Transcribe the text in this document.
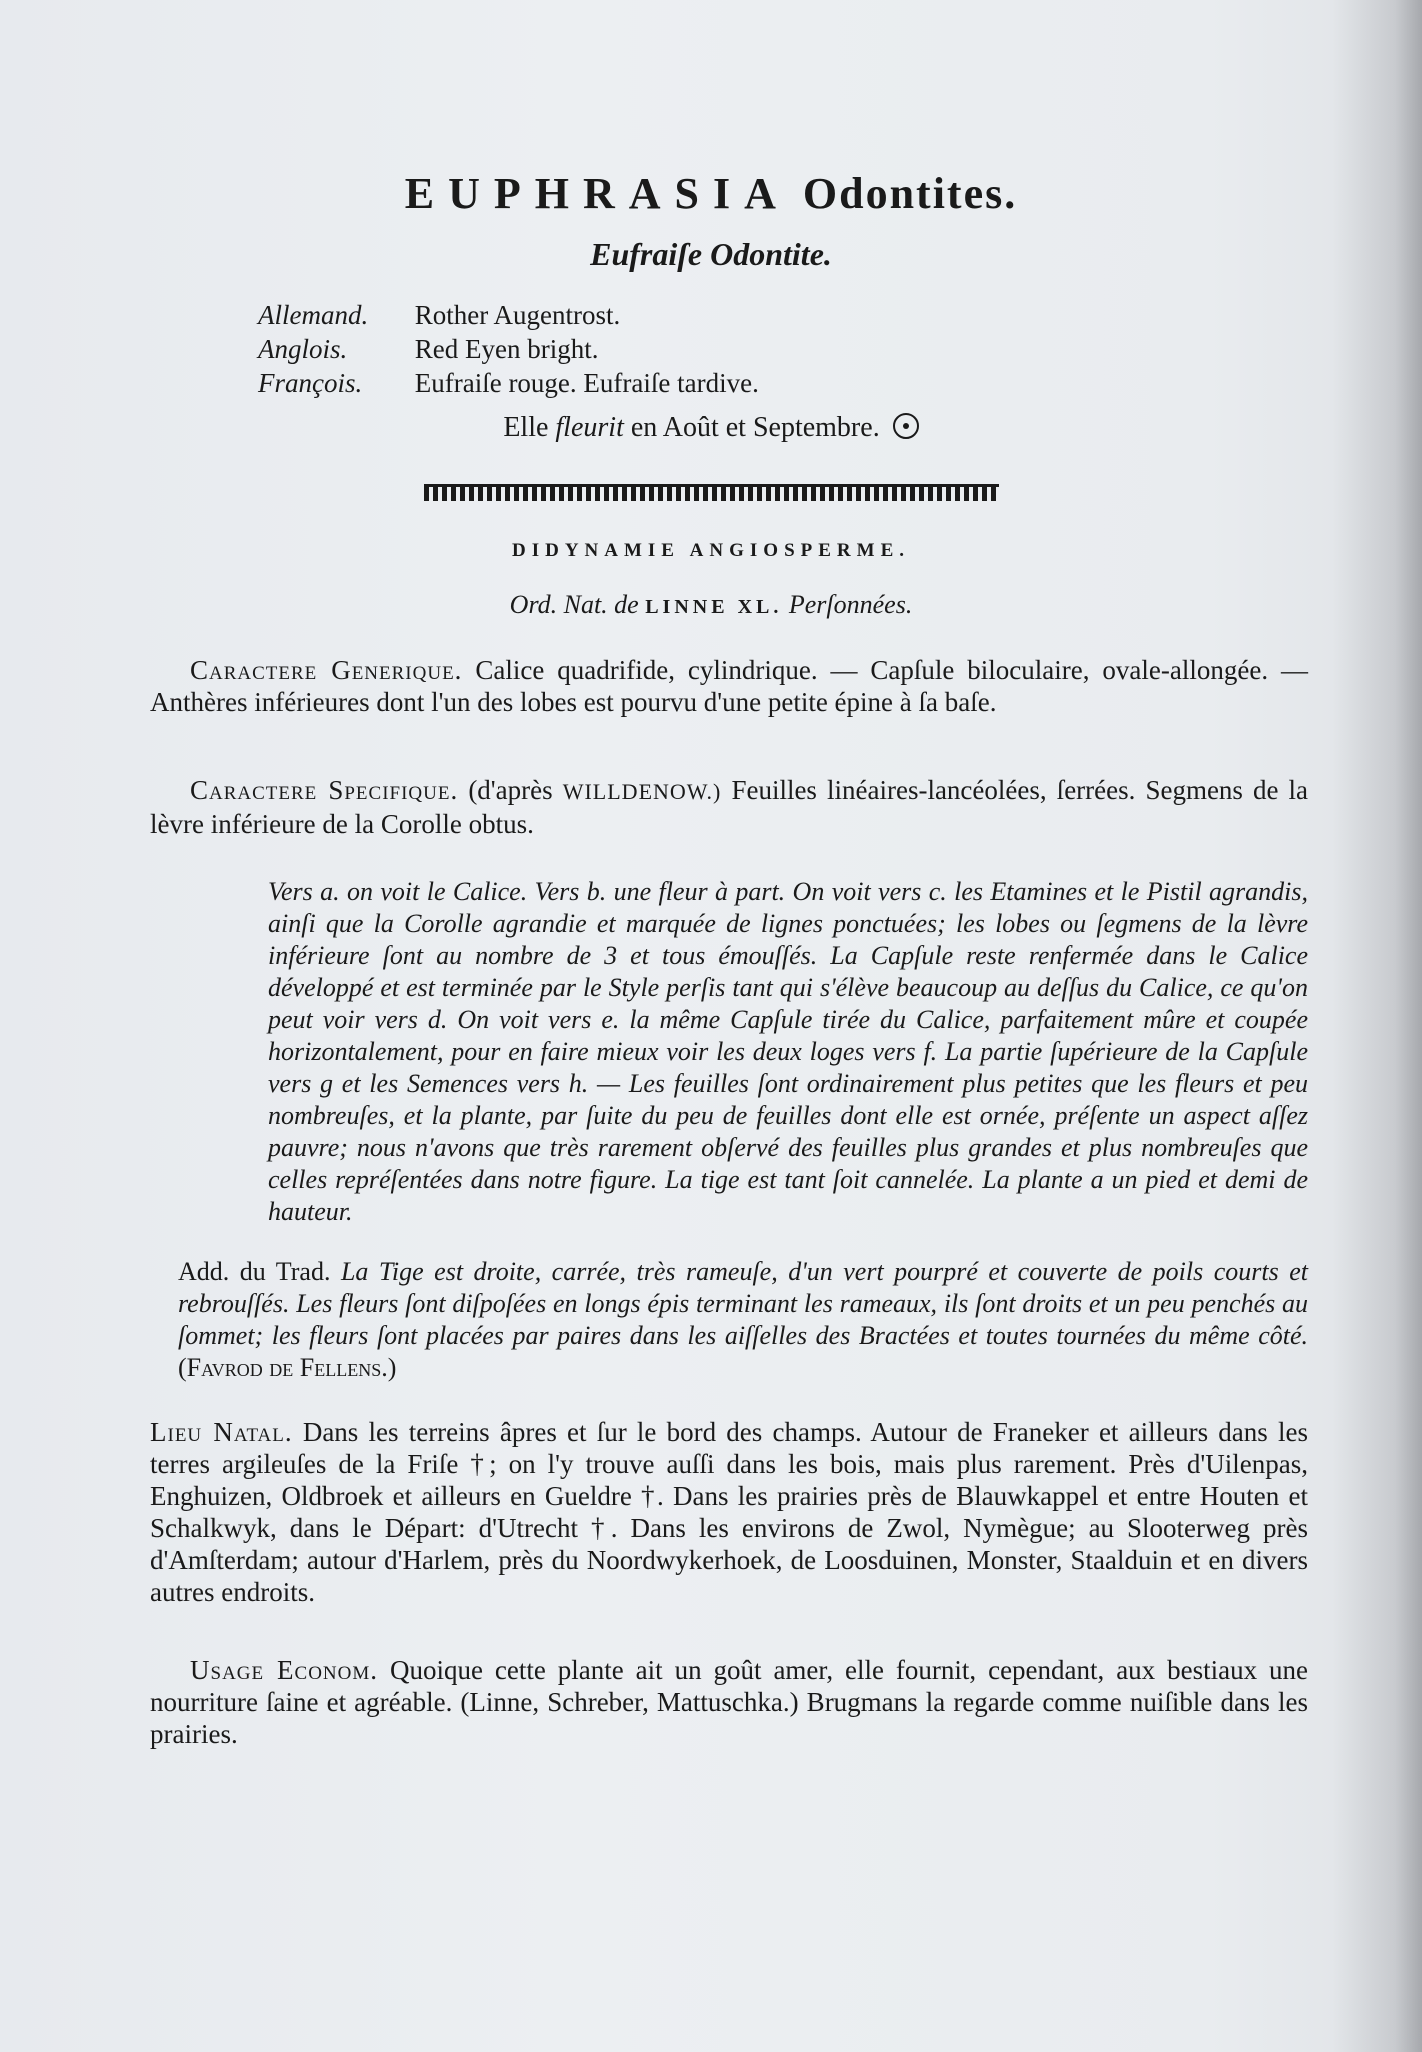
EUPHRASIA Odontites.
Eufraiſe Odontite.
Allemand. Rother Augentrost.
Anglois. Red Eyen bright.
François. Eufraiſe rouge. Eufraiſe tardive.
Elle fleurit en Août et Septembre.
DIDYNAMIE ANGIOSPERME.
Ord. Nat. de LINNE XL. Perſonnées.
Caractere Generique. Calice quadrifide, cylindrique. — Capſule biloculaire, ovale-allongée. — Anthères inférieures dont l'un des lobes est pourvu d'une petite épine à ſa baſe.
Caractere Specifique. (d'après WILLDENOW.) Feuilles linéaires-lancéolées, ſerrées. Segmens de la lèvre inférieure de la Corolle obtus.

Vers a. on voit le Calice. Vers b. une fleur à part. On voit vers c. les Etamines et le Pistil agrandis, ainſi que la Corolle agrandie et marquée de lignes ponctuées; les lobes ou ſegmens de la lèvre inférieure ſont au nombre de 3 et tous émouſſés. La Capſule reste renfermée dans le Calice développé et est terminée par le Style perſis tant qui s'élève beaucoup au deſſus du Calice, ce qu'on peut voir vers d. On voit vers e. la même Capſule tirée du Calice, parfaitement mûre et coupée horizontalement, pour en faire mieux voir les deux loges vers f. La partie ſupérieure de la Capſule vers g et les Semences vers h. — Les feuilles ſont ordinairement plus petites que les fleurs et peu nombreuſes, et la plante, par ſuite du peu de feuilles dont elle est ornée, préſente un aspect aſſez pauvre; nous n'avons que très rarement obſervé des feuilles plus grandes et plus nombreuſes que celles repréſentées dans notre figure. La tige est tant ſoit cannelée. La plante a un pied et demi de hauteur.

Add. du Trad. La Tige est droite, carrée, très rameuſe, d'un vert pourpré et couverte de poils courts et rebrouſſés. Les fleurs ſont diſpoſées en longs épis terminant les rameaux, ils ſont droits et un peu penchés au ſommet; les fleurs ſont placées par paires dans les aiſſelles des Bractées et toutes tournées du même côté. (Favrod de Fellens.)
Lieu Natal. Dans les terreins âpres et ſur le bord des champs. Autour de Franeker et ailleurs dans les terres argileuſes de la Friſe †; on l'y trouve auſſi dans les bois, mais plus rarement. Près d'Uilenpas, Enghuizen, Oldbroek et ailleurs en Gueldre †. Dans les prairies près de Blauwkappel et entre Houten et Schalkwyk, dans le Départ: d'Utrecht †. Dans les environs de Zwol, Nymègue; au Slooterweg près d'Amſterdam; autour d'Harlem, près du Noordwykerhoek, de Loosduinen, Monster, Staalduin et en divers autres endroits.
Usage Econom. Quoique cette plante ait un goût amer, elle fournit, cependant, aux bestiaux une nourriture ſaine et agréable. (Linne, Schreber, Mattuschka.) Brugmans la regarde comme nuiſible dans les prairies.
